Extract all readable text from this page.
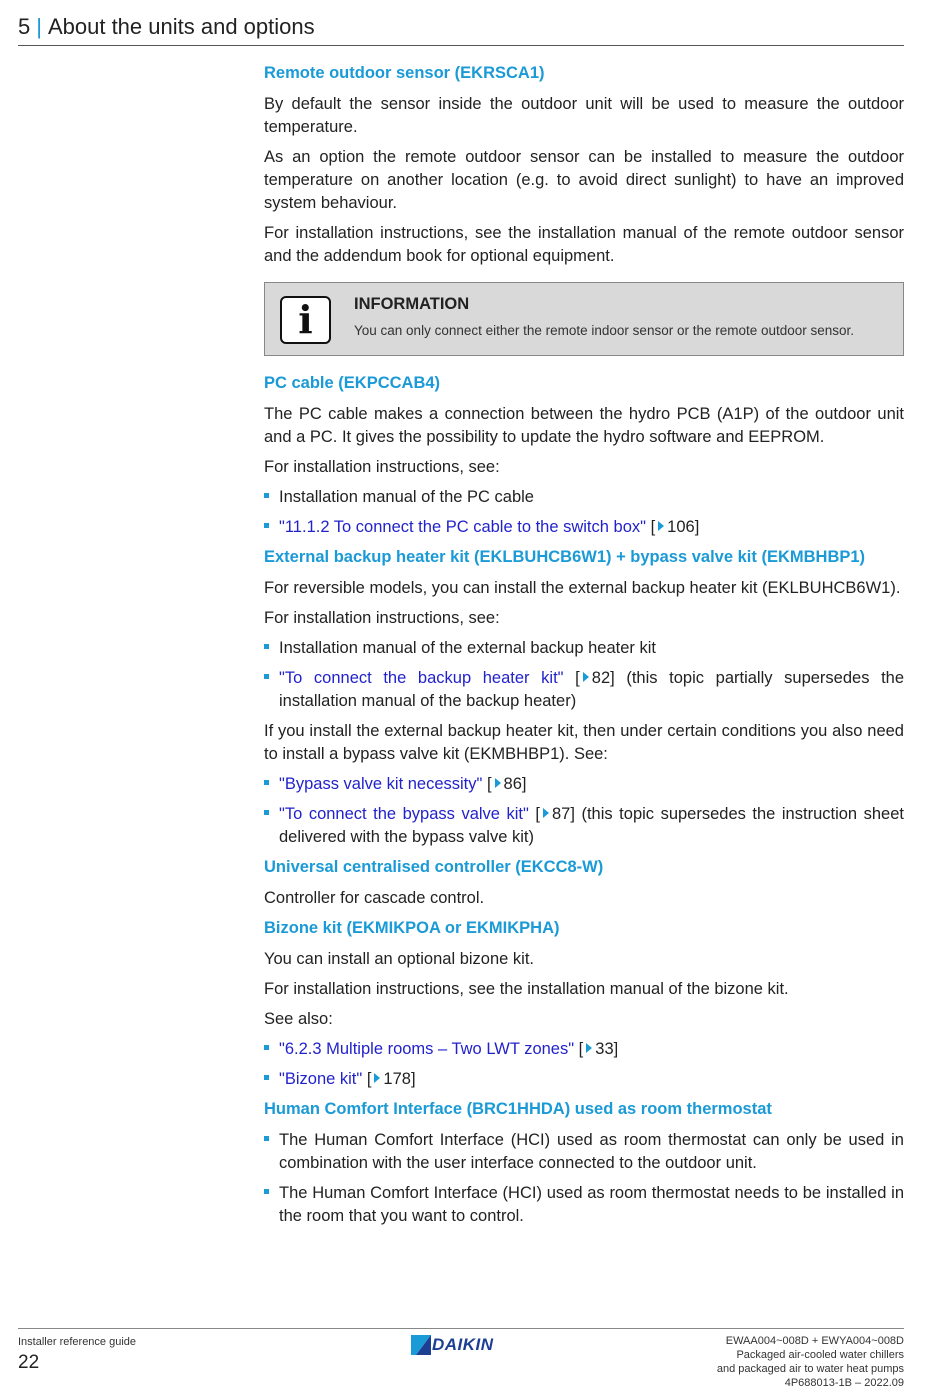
5 | About the units and options
Remote outdoor sensor (EKRSCA1)

By default the sensor inside the outdoor unit will be used to measure the outdoor temperature.

As an option the remote outdoor sensor can be installed to measure the outdoor temperature on another location (e.g. to avoid direct sunlight) to have an improved system behaviour.

For installation instructions, see the installation manual of the remote outdoor sensor and the addendum book for optional equipment.

i	INFORMATION
You can only connect either the remote indoor sensor or the remote outdoor sensor.
PC cable (EKPCCAB4)

The PC cable makes a connection between the hydro PCB (A1P) of the outdoor unit and a PC. It gives the possibility to update the hydro software and EEPROM.

For installation instructions, see:

Installation manual of the PC cable
"11.1.2 To connect the PC cable to the switch box" [ 106]
External backup heater kit (EKLBUHCB6W1) + bypass valve kit (EKMBHBP1)

For reversible models, you can install the external backup heater kit (EKLBUHCB6W1).

For installation instructions, see:

Installation manual of the external backup heater kit
"To connect the backup heater kit" [ 82] (this topic partially supersedes the installation manual of the backup heater)

If you install the external backup heater kit, then under certain conditions you also need to install a bypass valve kit (EKMBHBP1). See:

"Bypass valve kit necessity" [ 86]
"To connect the bypass valve kit" [ 87] (this topic supersedes the instruction sheet delivered with the bypass valve kit)
Universal centralised controller (EKCC8-W)

Controller for cascade control.

Bizone kit (EKMIKPOA or EKMIKPHA)

You can install an optional bizone kit.

For installation instructions, see the installation manual of the bizone kit.

See also:

"6.2.3 Multiple rooms – Two LWT zones" [ 33]
"Bizone kit" [ 178]
Human Comfort Interface (BRC1HHDA) used as room thermostat
The Human Comfort Interface (HCI) used as room thermostat can only be used in combination with the user interface connected to the outdoor unit.
The Human Comfort Interface (HCI) used as room thermostat needs to be installed in the room that you want to control.
Installer reference guide
22
DAIKIN	EWAA004~008D + EWYA004~008D
Packaged air-cooled water chillers
and packaged air to water heat pumps
4P688013-1B – 2022.09
